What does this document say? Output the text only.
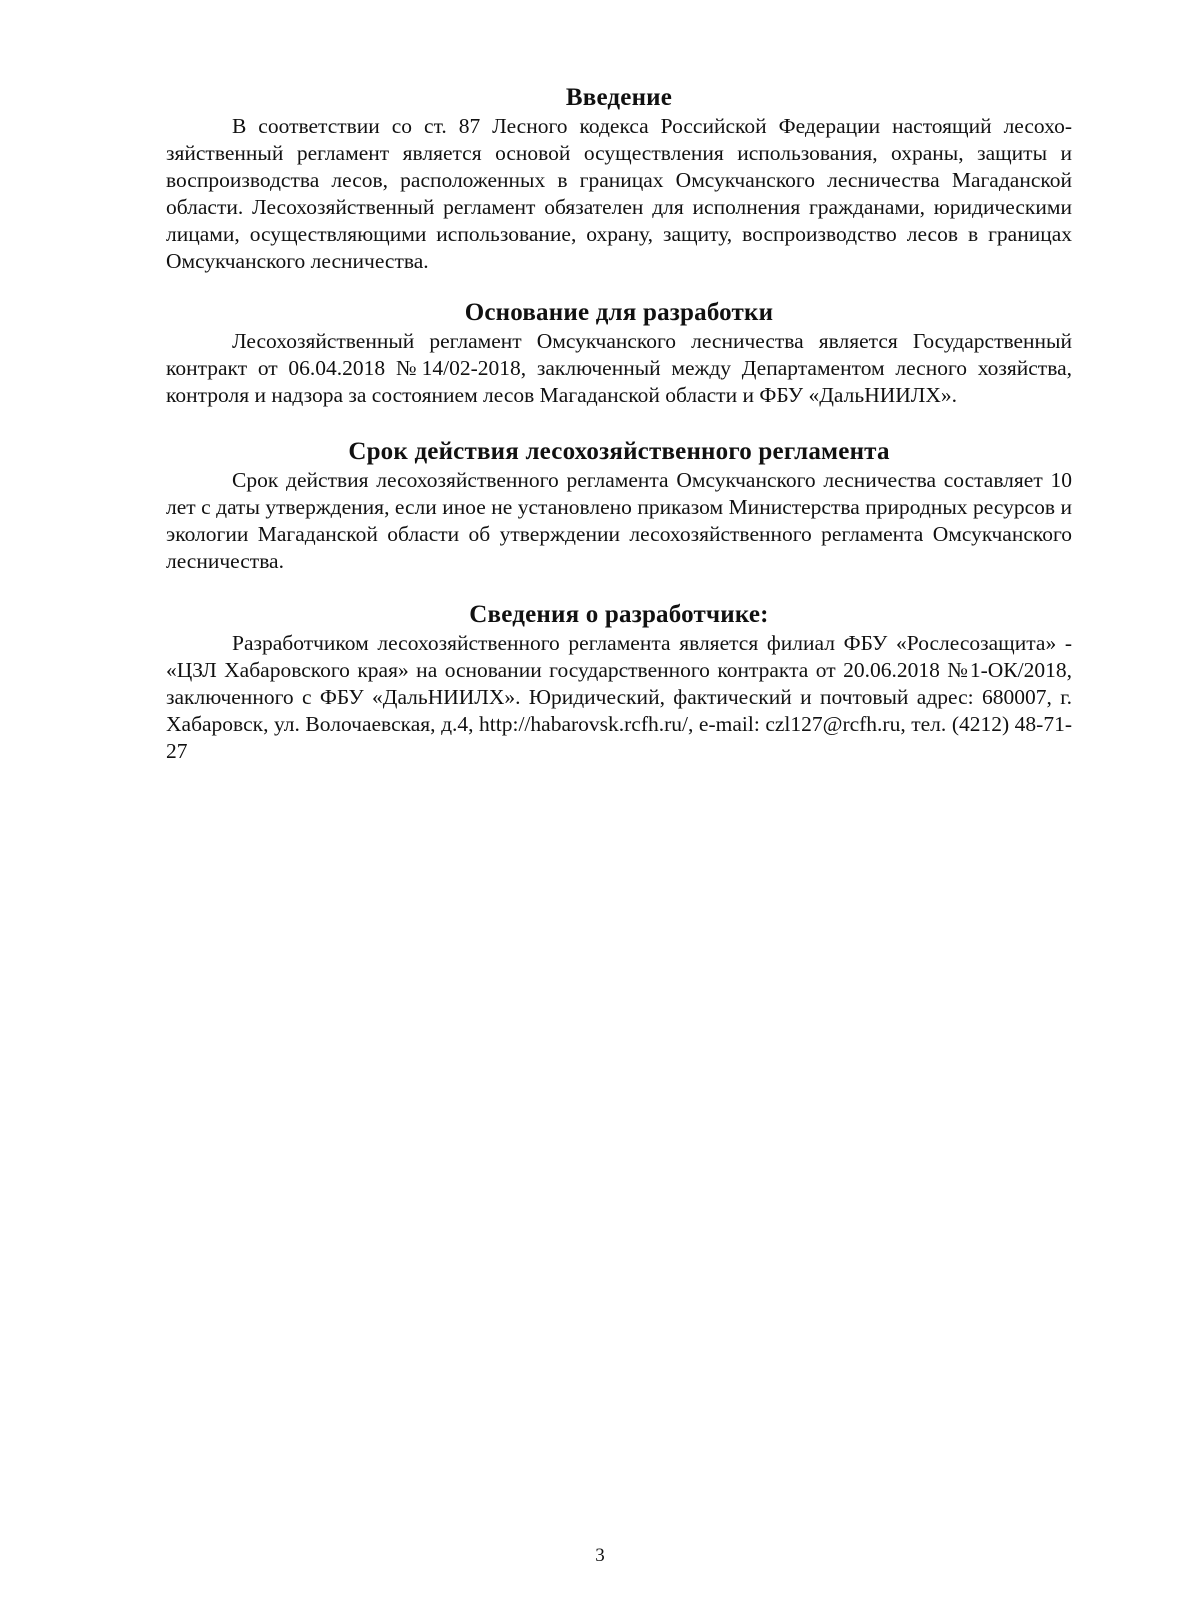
Введение

В соответствии со ст. 87 Лесного кодекса Российской Федерации настоящий лесохозяйственный регламент является основой осуществления использования, охраны, защиты и воспроизводства лесов, расположенных в границах Омсукчанского лесничества Магаданской области. Лесохозяйственный регламент обязателен для исполнения гражданами, юридическими лицами, осуществляющими использование, охрану, защиту, воспроизводство лесов в границах Омсукчанского лесничества.

Основание для разработки

Лесохозяйственный регламент Омсукчанского лесничества является Государственный контракт от 06.04.2018 №14/02-2018, заключенный между Департаментом лесного хозяйства, контроля и надзора за состоянием лесов Магаданской области и ФБУ «ДальНИИЛХ».

Срок действия лесохозяйственного регламента

Срок действия лесохозяйственного регламента Омсукчанского лесничества составляет 10 лет с даты утверждения, если иное не установлено приказом Министерства природных ресурсов и экологии Магаданской области об утверждении лесохозяйственного регламента Омсукчанского лесничества.

Сведения о разработчике:

Разработчиком лесохозяйственного регламента является филиал ФБУ «Рослесозащита» - «ЦЗЛ Хабаровского края» на основании государственного контракта от 20.06.2018 №1-ОК/2018, заключенного с ФБУ «ДальНИИЛХ». Юридический, фактический и почтовый адрес: 680007, г. Хабаровск, ул. Волочаевская, д.4, http://habarovsk.rcfh.ru/, e-mail: czl127@rcfh.ru, тел. (4212) 48-71-27

3
